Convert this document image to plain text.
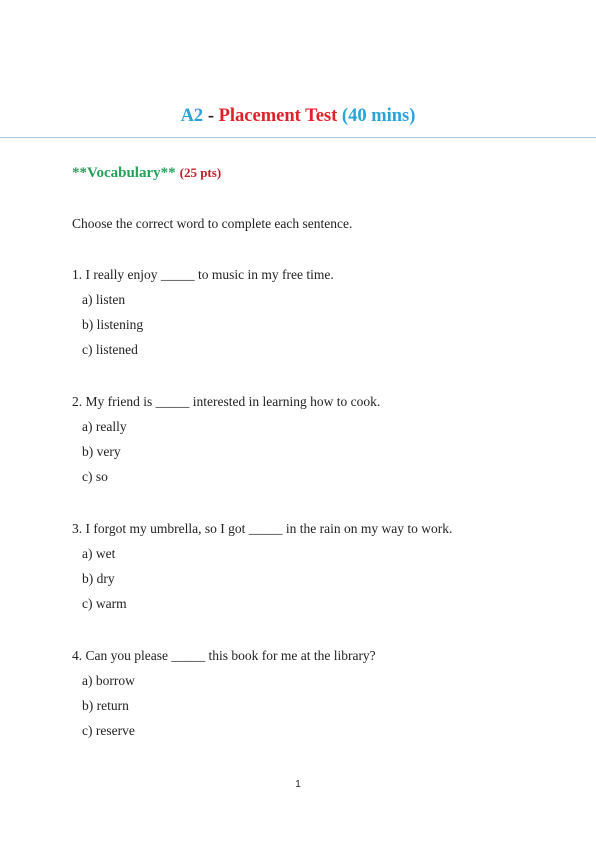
A2 - Placement Test (40 mins)
**Vocabulary** (25 pts)
Choose the correct word to complete each sentence.
1. I really enjoy _____ to music in my free time.
a) listen
b) listening
c) listened
2. My friend is _____ interested in learning how to cook.
a) really
b) very
c) so
3. I forgot my umbrella, so I got _____ in the rain on my way to work.
a) wet
b) dry
c) warm
4. Can you please _____ this book for me at the library?
a) borrow
b) return
c) reserve
1
